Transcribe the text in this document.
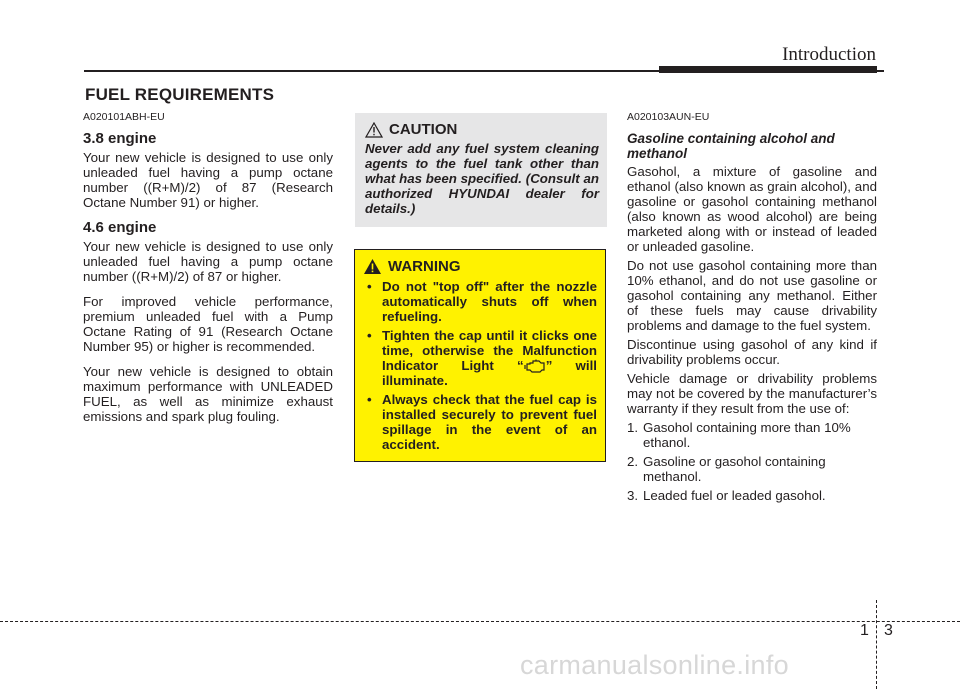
Introduction
FUEL REQUIREMENTS
A020101ABH-EU
3.8 engine

Your new vehicle is designed to use only unleaded fuel having a pump octane number ((R+M)/2) of 87 (Research Octane Number 91) or higher.

4.6 engine

Your new vehicle is designed to use only unleaded fuel having a pump octane number ((R+M)/2) of 87 or higher.

For improved vehicle performance, premium unleaded fuel with a Pump Octane Rating of 91 (Research Octane Number 95) or higher is recommended.

Your new vehicle is designed to obtain maximum performance with UNLEADED FUEL, as well as minimize exhaust emissions and spark plug fouling.

CAUTION

Never add any fuel system cleaning agents to the fuel tank other than what has been specified. (Consult an authorized HYUNDAI dealer for details.)

WARNING
• Do not "top off" after the nozzle automatically shuts off when refueling.
• Tighten the cap until it clicks one time, otherwise the Malfunction Indicator Light “ ” will illuminate.
• Always check that the fuel cap is installed securely to prevent fuel spillage in the event of an accident.
A020103AUN-EU
Gasoline containing alcohol and methanol

Gasohol, a mixture of gasoline and ethanol (also known as grain alcohol), and gasoline or gasohol containing methanol (also known as wood alcohol) are being marketed along with or instead of leaded or unleaded gasoline.

Do not use gasohol containing more than 10% ethanol, and do not use gasoline or gasohol containing any methanol. Either of these fuels may cause drivability problems and damage to the fuel system.

Discontinue using gasohol of any kind if drivability problems occur.

Vehicle damage or drivability problems may not be covered by the manufacturer’s warranty if they result from the use of:

1. Gasohol containing more than 10% ethanol.
2. Gasoline or gasohol containing methanol.
3. Leaded fuel or leaded gasohol.
1 3
carmanualsonline.info
